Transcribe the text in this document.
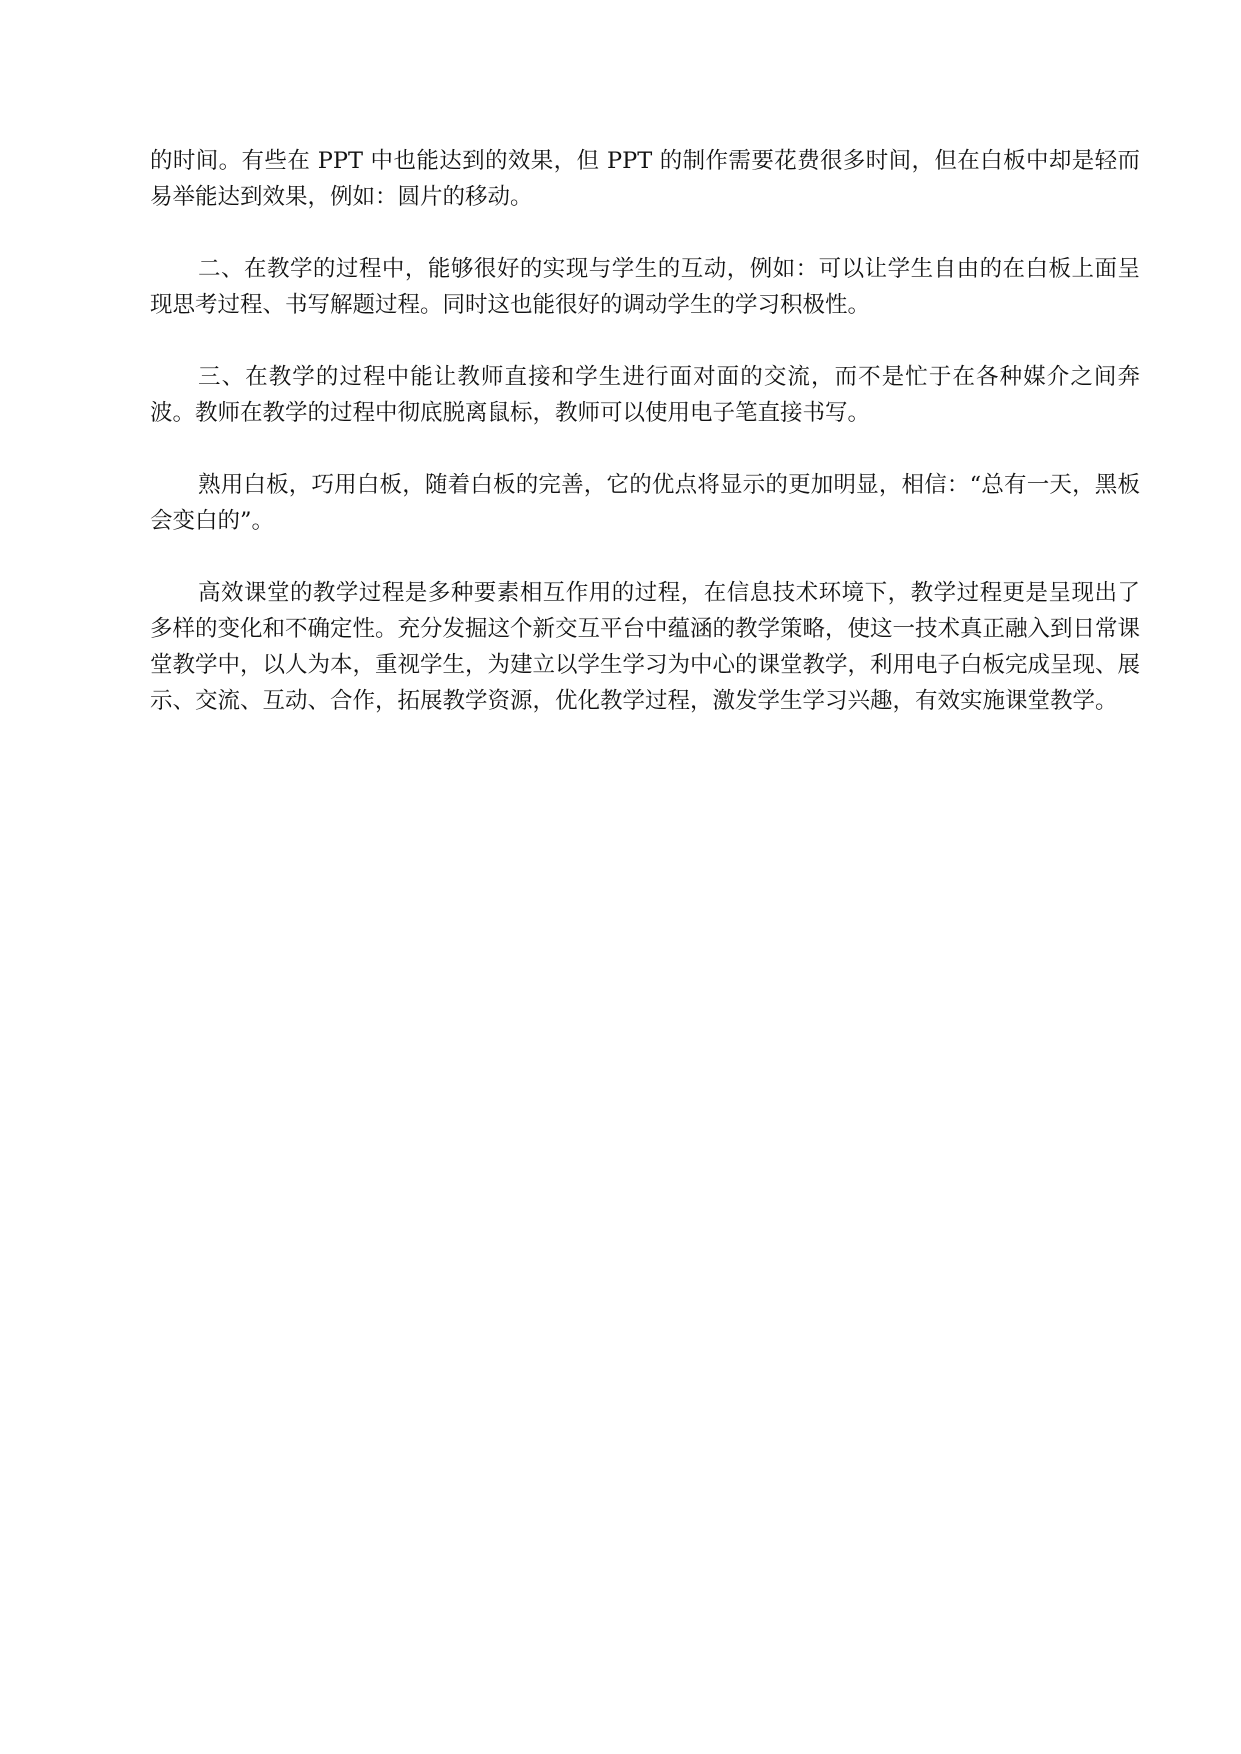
的时间。有些在 PPT 中也能达到的效果，但 PPT 的制作需要花费很多时间，但在白板中却是轻而易举能达到效果，例如：圆片的移动。

二、在教学的过程中，能够很好的实现与学生的互动，例如：可以让学生自由的在白板上面呈现思考过程、书写解题过程。同时这也能很好的调动学生的学习积极性。

三、在教学的过程中能让教师直接和学生进行面对面的交流，而不是忙于在各种媒介之间奔波。教师在教学的过程中彻底脱离鼠标，教师可以使用电子笔直接书写。

熟用白板，巧用白板，随着白板的完善，它的优点将显示的更加明显，相信：“总有一天，黑板会变白的”。

高效课堂的教学过程是多种要素相互作用的过程，在信息技术环境下，教学过程更是呈现出了多样的变化和不确定性。充分发掘这个新交互平台中蕴涵的教学策略，使这一技术真正融入到日常课堂教学中，以人为本，重视学生，为建立以学生学习为中心的课堂教学，利用电子白板完成呈现、展示、交流、互动、合作，拓展教学资源，优化教学过程，激发学生学习兴趣，有效实施课堂教学。
